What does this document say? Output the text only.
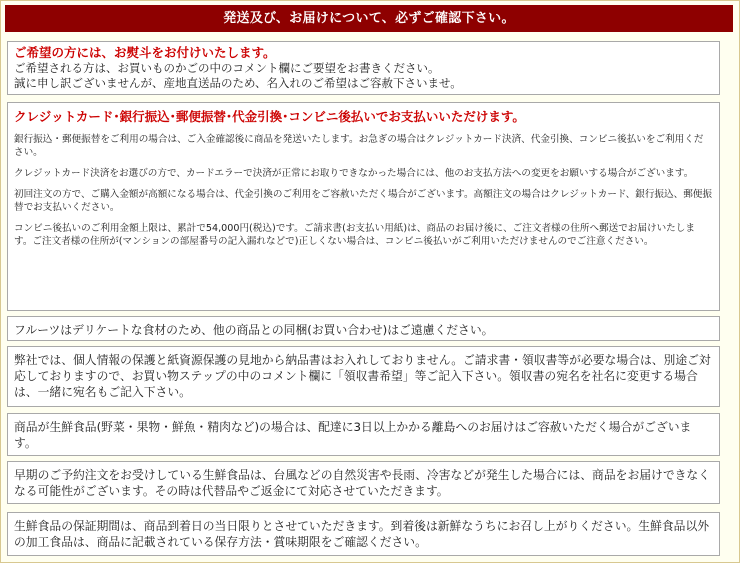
発送及び、お届けについて、必ずご確認下さい。
ご希望の方には、お熨斗をお付けいたします。
ご希望される方は、お買いものかごの中のコメント欄にご要望をお書きください。
誠に申し訳ございませんが、産地直送品のため、名入れのご希望はご容赦下さいませ。
クレジットカード･銀行振込･郵便振替･代金引換･コンビニ後払いでお支払いいただけます。
銀行振込・郵便振替をご利用の場合は、ご入金確認後に商品を発送いたします。お急ぎの場合はクレジットカード決済、代金引換、コンビニ後払いをご利用ください。
クレジットカード決済をお選びの方で、カードエラーで決済が正常にお取りできなかった場合には、他のお支払方法への変更をお願いする場合がございます。
初回注文の方で、ご購入金額が高額になる場合は、代金引換のご利用をご容赦いただく場合がございます。高額注文の場合はクレジットカード、銀行振込、郵便振替でお支払いください。
コンビニ後払いのご利用金額上限は、累計で54,000円(税込)です。ご請求書(お支払い用紙)は、商品のお届け後に、ご注文者様の住所へ郵送でお届けいたします。ご注文者様の住所が(マンションの部屋番号の記入漏れなどで)正しくない場合は、コンビニ後払いがご利用いただけませんのでご注意ください。
フルーツはデリケートな食材のため、他の商品との同梱(お買い合わせ)はご遠慮ください。
弊社では、個人情報の保護と紙資源保護の見地から納品書はお入れしておりません。ご請求書・領収書等が必要な場合は、別途ご対応しておりますので、お買い物ステップの中のコメント欄に「領収書希望」等ご記入下さい。領収書の宛名を社名に変更する場合は、一緒に宛名もご記入下さい。
商品が生鮮食品(野菜・果物・鮮魚・精肉など)の場合は、配達に3日以上かかる離島へのお届けはご容赦いただく場合がございます。
早期のご予約注文をお受けしている生鮮食品は、台風などの自然災害や長雨、冷害などが発生した場合には、商品をお届けできなくなる可能性がございます。その時は代替品やご返金にて対応させていただきます。
生鮮食品の保証期間は、商品到着日の当日限りとさせていただきます。到着後は新鮮なうちにお召し上がりください。生鮮食品以外の加工食品は、商品に記載されている保存方法・賞味期限をご確認ください。
